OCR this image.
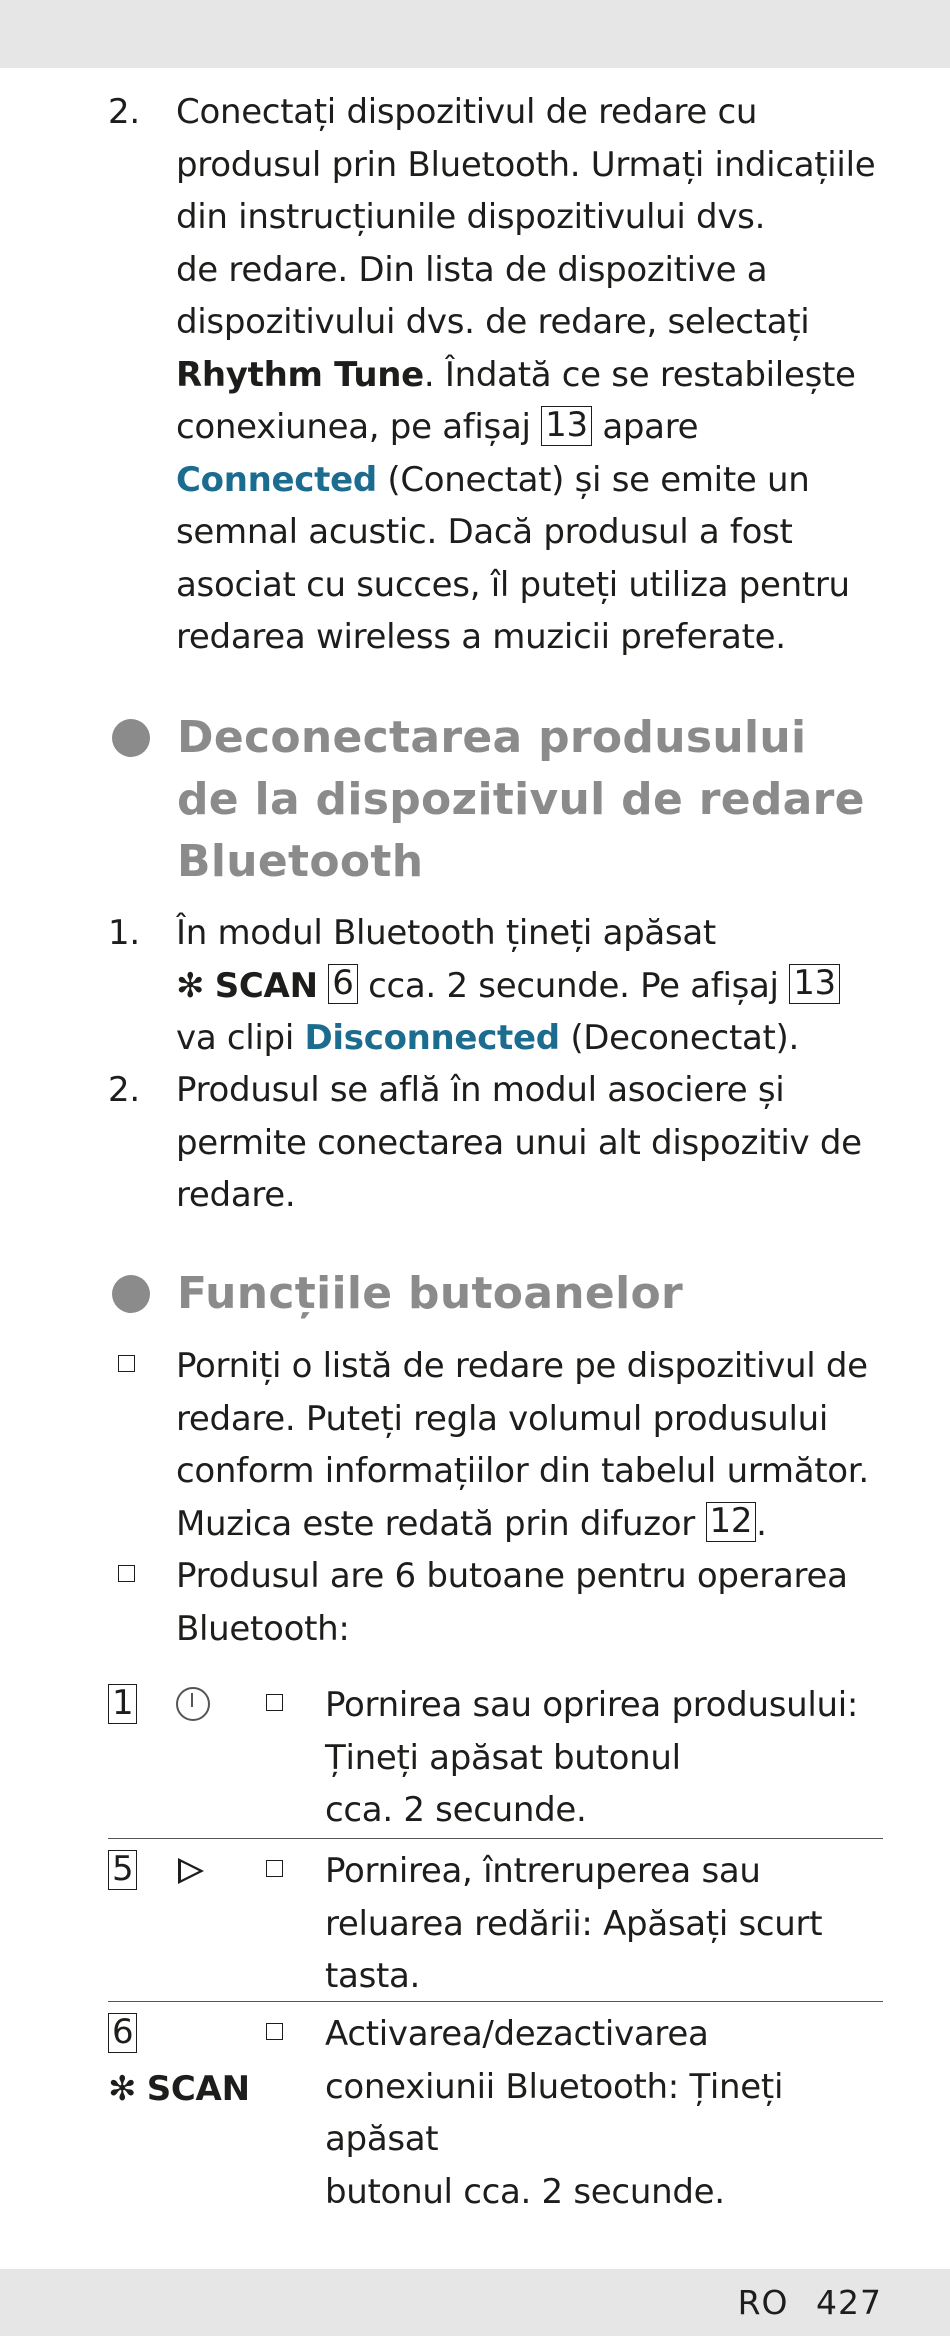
2. Conectați dispozitivul de redare cu
produsul prin Bluetooth. Urmați indicațiile
din instrucțiunile dispozitivului dvs.
de redare. Din lista de dispozitive a
dispozitivului dvs. de redare, selectați
Rhythm Tune. Îndată ce se restabilește
conexiunea, pe afișaj 13 apare
Connected (Conectat) și se emite un
semnal acustic. Dacă produsul a fost
asociat cu succes, îl puteți utiliza pentru
redarea wireless a muzicii preferate.
Deconectarea produsului
de la dispozitivul de redare
Bluetooth
1. În modul Bluetooth țineți apăsat
✻ SCAN 6 cca. 2 secunde. Pe afișaj 13
va clipi Disconnected (Deconectat).
2. Produsul se află în modul asociere și
permite conectarea unui alt dispozitiv de
redare.
Funcțiile butoanelor
Porniți o listă de redare pe dispozitivul de
redare. Puteți regla volumul produsului
conform informațiilor din tabelul următor.
Muzica este redată prin difuzor 12 .
Produsul are 6 butoane pentru operarea
Bluetooth:
1	Pornirea sau oprirea produsului:
Țineți apăsat butonul
cca. 2 secunde.
5	Pornirea, întreruperea sau
reluarea redării: Apăsați scurt
tasta.
6
✻ SCAN
Activarea/dezactivarea
conexiunii Bluetooth: Țineți apăsat
butonul cca. 2 secunde.
RO 427
